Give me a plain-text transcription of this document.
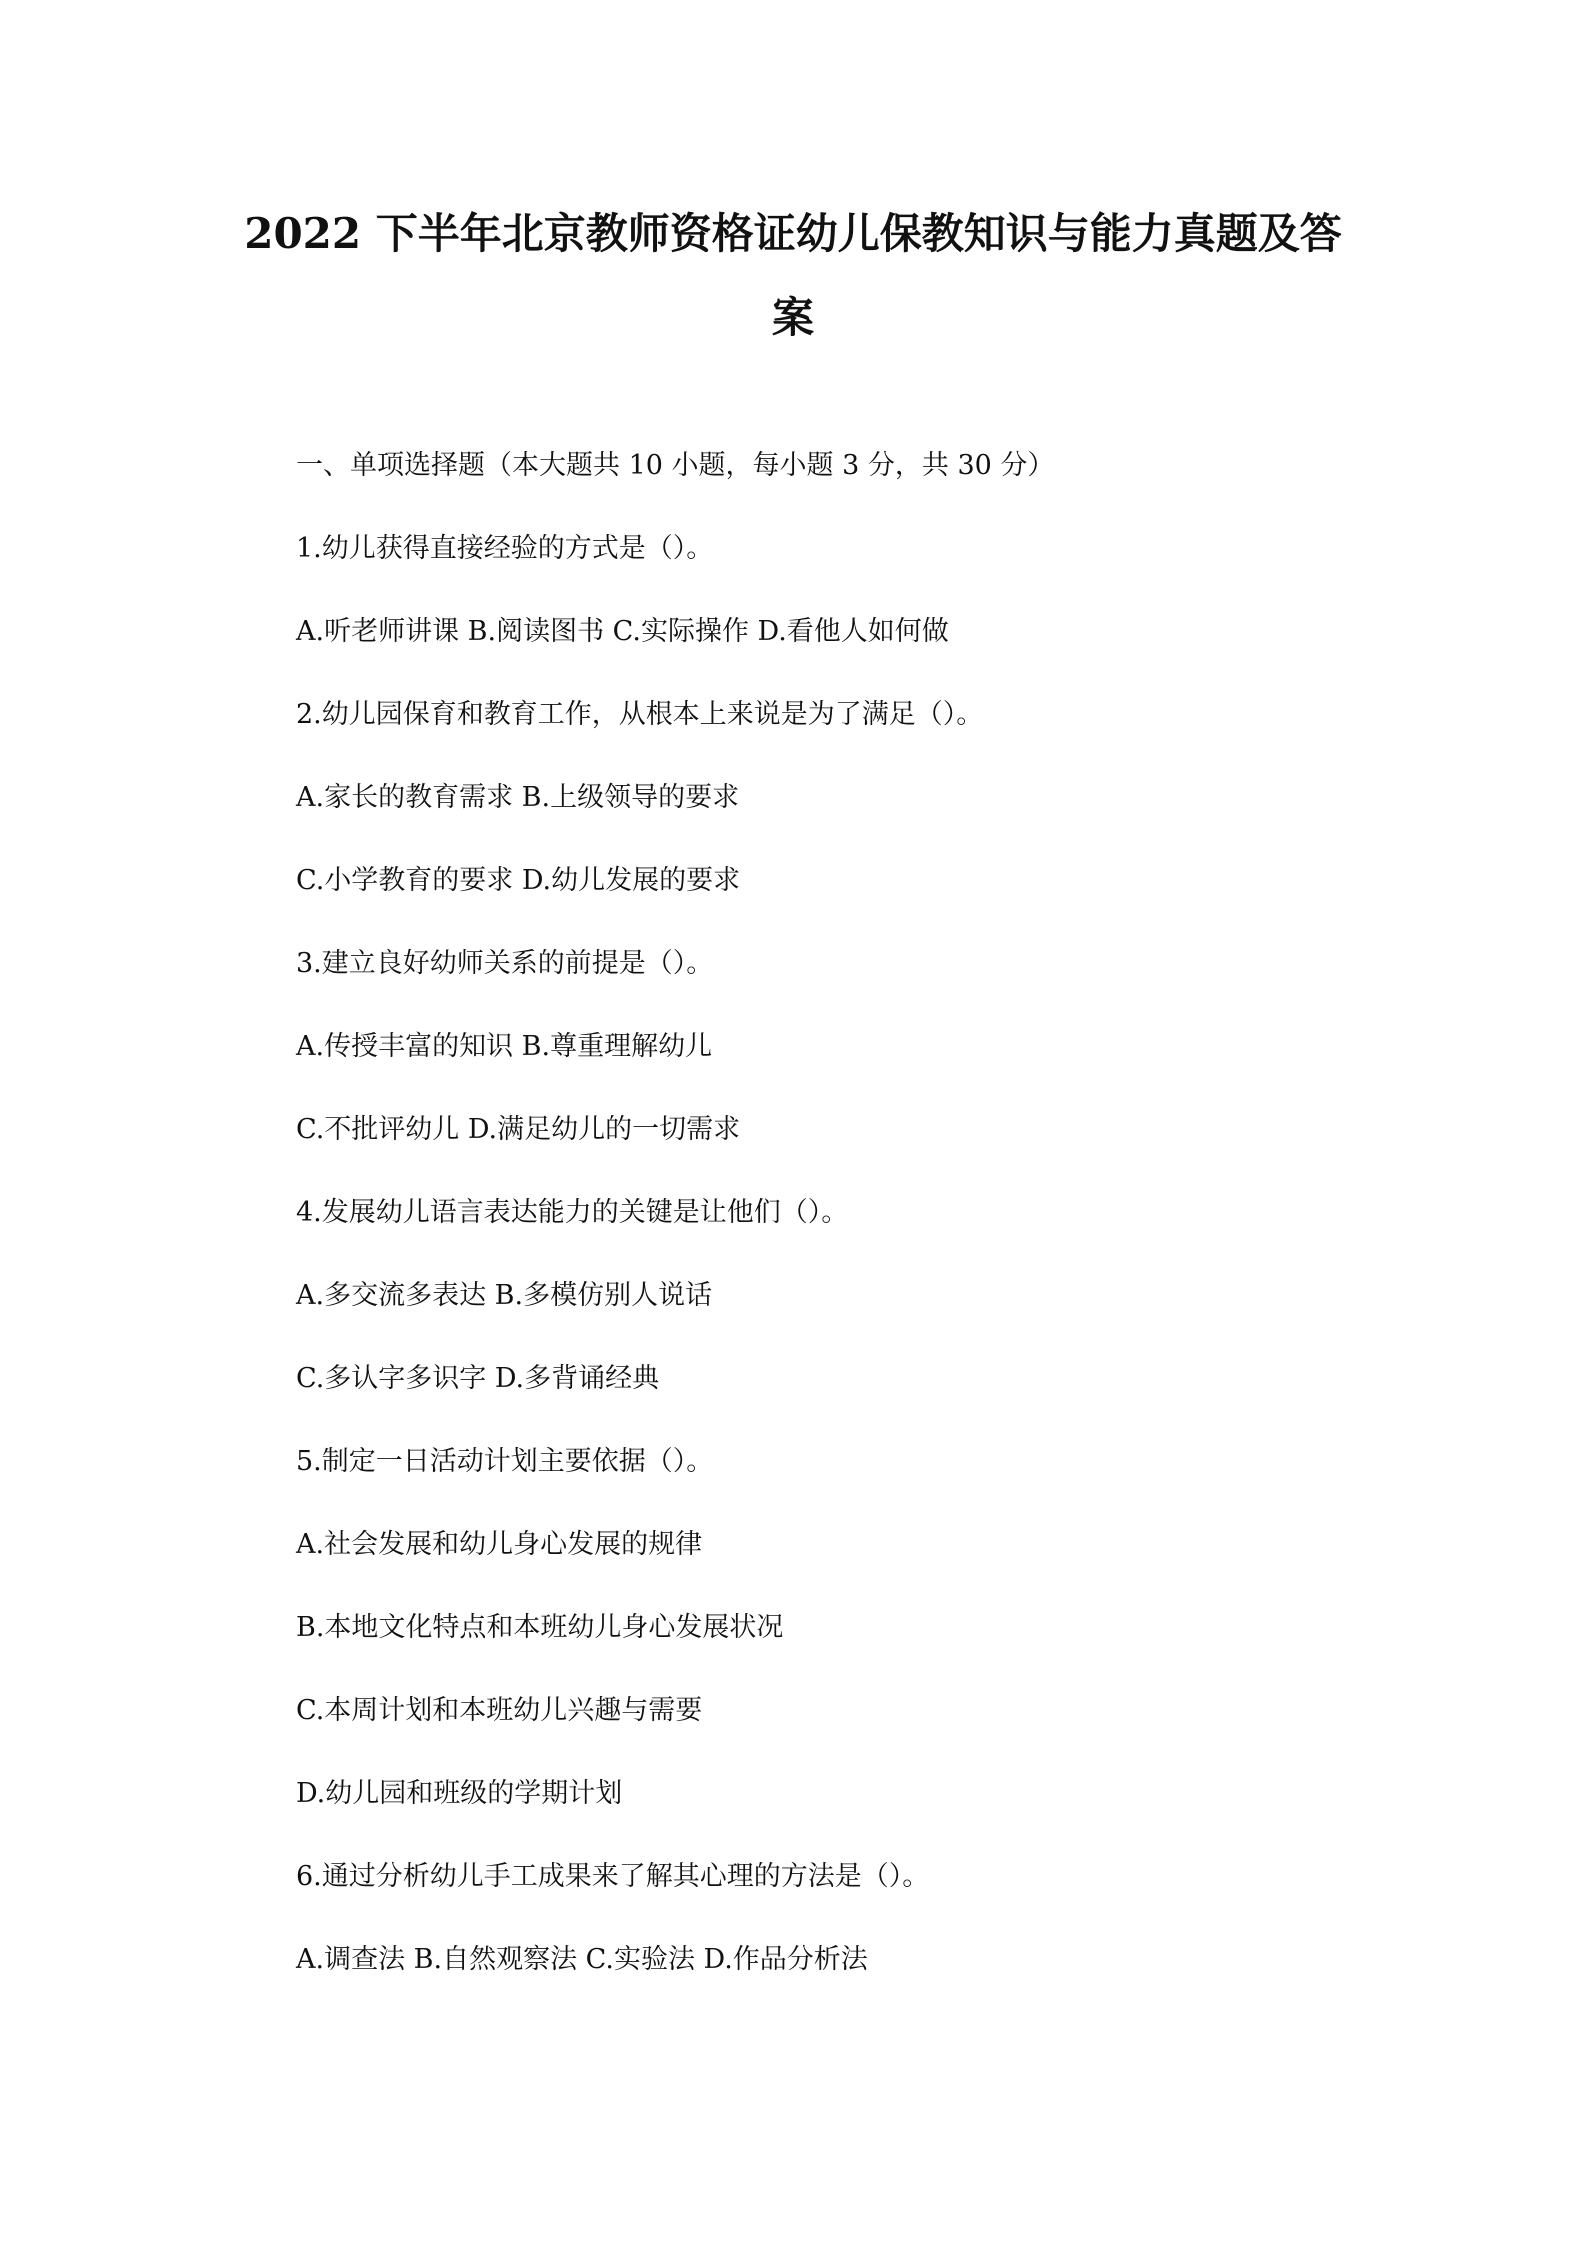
2022 下半年北京教师资格证幼儿保教知识与能力真题及答
案

一、单项选择题（本大题共 10 小题，每小题 3 分，共 30 分）

1.幼儿获得直接经验的方式是（）。

A.听老师讲课 B.阅读图书 C.实际操作 D.看他人如何做

2.幼儿园保育和教育工作，从根本上来说是为了满足（）。

A.家长的教育需求 B.上级领导的要求

C.小学教育的要求 D.幼儿发展的要求

3.建立良好幼师关系的前提是（）。

A.传授丰富的知识 B.尊重理解幼儿

C.不批评幼儿 D.满足幼儿的一切需求

4.发展幼儿语言表达能力的关键是让他们（）。

A.多交流多表达 B.多模仿别人说话

C.多认字多识字 D.多背诵经典

5.制定一日活动计划主要依据（）。

A.社会发展和幼儿身心发展的规律

B.本地文化特点和本班幼儿身心发展状况

C.本周计划和本班幼儿兴趣与需要

D.幼儿园和班级的学期计划

6.通过分析幼儿手工成果来了解其心理的方法是（）。

A.调查法 B.自然观察法 C.实验法 D.作品分析法
